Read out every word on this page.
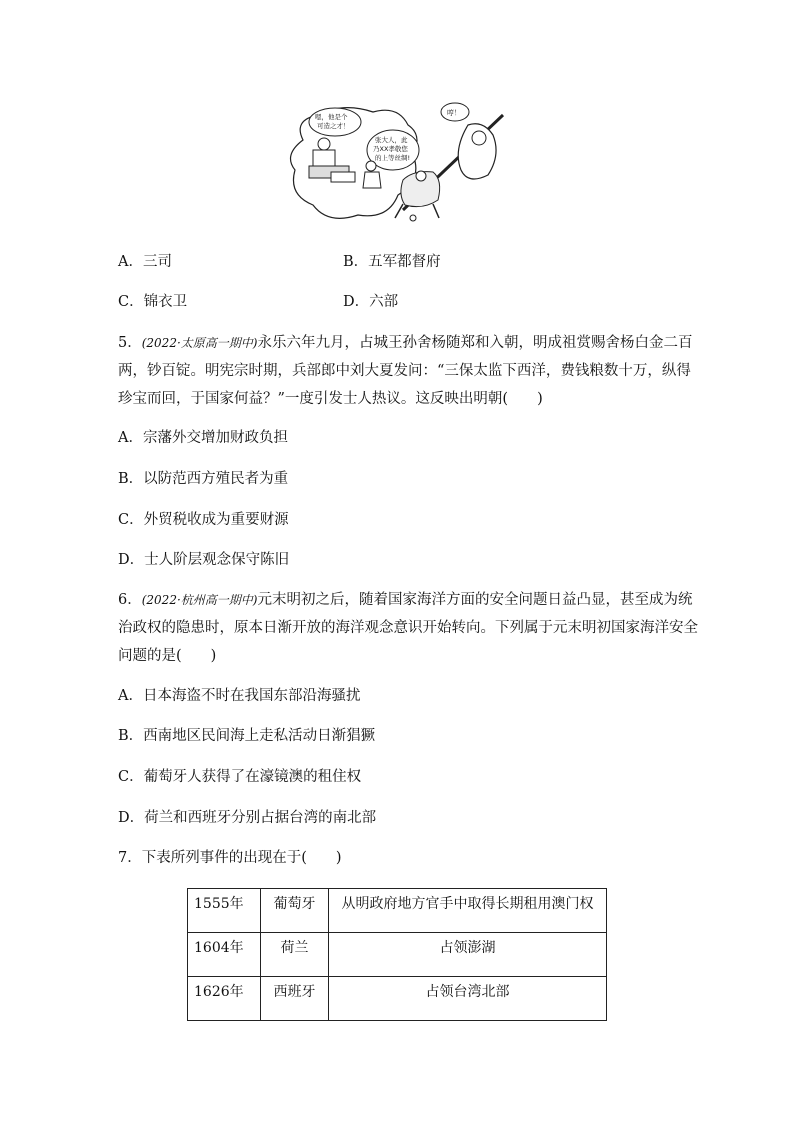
嗯，他是个
可造之才！
张大人，此
乃XX孝敬您
的上等丝绸!
哼！
A．三司	B．五军都督府
C．锦衣卫	D．六部
5．(2022·太原高一期中)永乐六年九月，占城王孙舍杨随郑和入朝，明成祖赏赐舍杨白金二百
两，钞百锭。明宪宗时期，兵部郎中刘大夏发问：“三保太监下西洋，费钱粮数十万，纵得
珍宝而回，于国家何益？”一度引发士人热议。这反映出明朝(　　)
A．宗藩外交增加财政负担
B．以防范西方殖民者为重
C．外贸税收成为重要财源
D．士人阶层观念保守陈旧
6．(2022·杭州高一期中)元末明初之后，随着国家海洋方面的安全问题日益凸显，甚至成为统
治政权的隐患时，原本日渐开放的海洋观念意识开始转向。下列属于元末明初国家海洋安全
问题的是(　　)
A．日本海盗不时在我国东部沿海骚扰
B．西南地区民间海上走私活动日渐猖獗
C．葡萄牙人获得了在濠镜澳的租住权
D．荷兰和西班牙分别占据台湾的南北部
7．下表所列事件的出现在于(　　)
1555年	葡萄牙	从明政府地方官手中取得长期租用澳门权
1604年	荷兰	占领澎湖
1626年	西班牙	占领台湾北部
